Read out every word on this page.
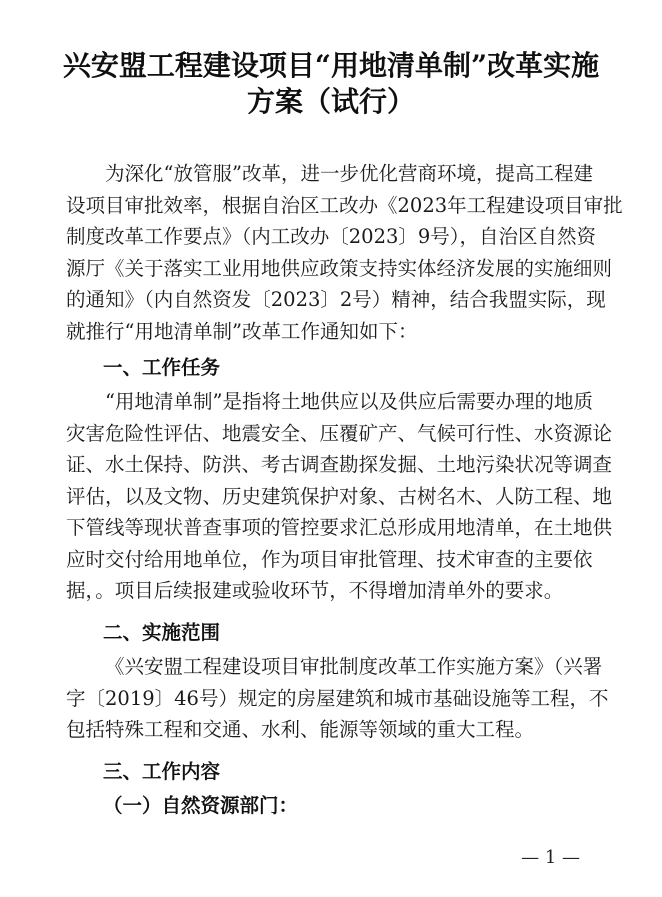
兴安盟工程建设项目“用地清单制”改革实施
方案（试行）
为深化“放管服”改革，进一步优化营商环境，提高工程建
设项目审批效率，根据自治区工改办《2023年工程建设项目审批
制度改革工作要点》（内工改办〔2023〕9号），自治区自然资
源厅《关于落实工业用地供应政策支持实体经济发展的实施细则
的通知》（内自然资发〔2023〕2号）精神，结合我盟实际，现
就推行“用地清单制”改革工作通知如下：
一、工作任务
“用地清单制”是指将土地供应以及供应后需要办理的地质
灾害危险性评估、地震安全、压覆矿产、气候可行性、水资源论
证、水土保持、防洪、考古调查勘探发掘、土地污染状况等调查
评估，以及文物、历史建筑保护对象、古树名木、人防工程、地
下管线等现状普查事项的管控要求汇总形成用地清单，在土地供
应时交付给用地单位，作为项目审批管理、技术审查的主要依
据，。项目后续报建或验收环节，不得增加清单外的要求。
二、实施范围
《兴安盟工程建设项目审批制度改革工作实施方案》（兴署
字〔2019〕46号）规定的房屋建筑和城市基础设施等工程，不
包括特殊工程和交通、水利、能源等领域的重大工程。
三、工作内容
（一）自然资源部门：
— 1 —
